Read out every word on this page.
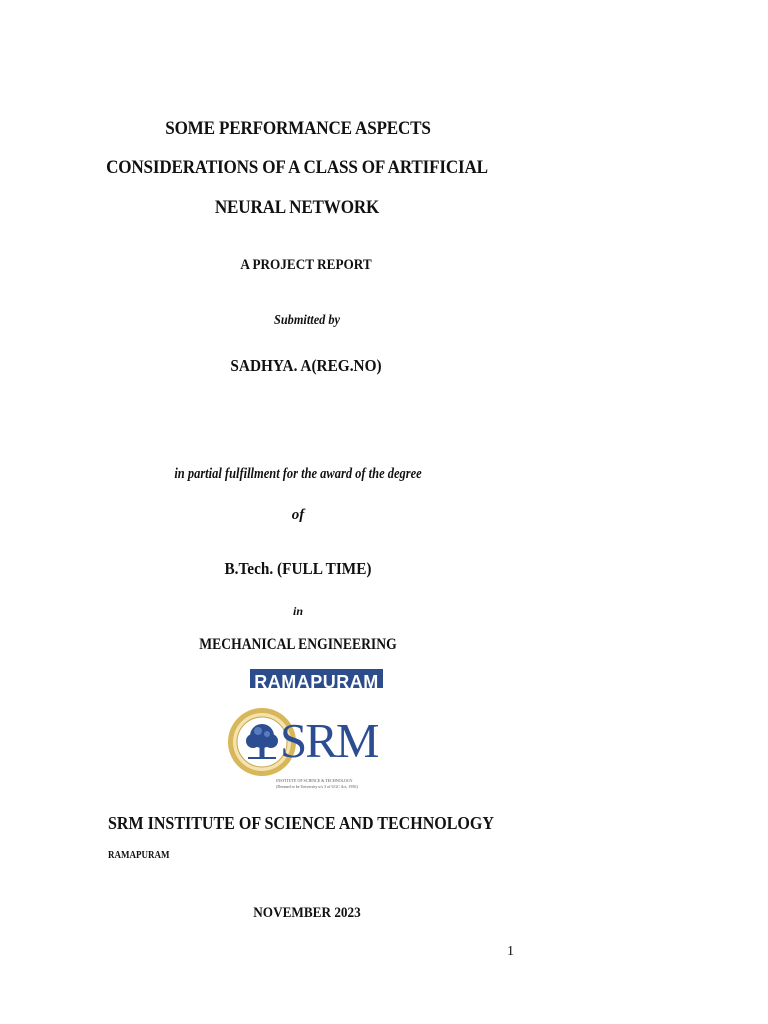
SOME PERFORMANCE ASPECTS
CONSIDERATIONS OF A CLASS OF ARTIFICIAL
NEURAL NETWORK
A PROJECT REPORT
Submitted by
SADHYA. A(REG.NO)
in partial fulfillment for the award of the degree
of
B.Tech. (FULL TIME)
in
MECHANICAL ENGINEERING
RAMAPURAM
SRM
INSTITUTE OF SCIENCE & TECHNOLOGY
(Deemed to be University u/s 3 of UGC Act, 1956)
SRM INSTITUTE OF SCIENCE AND TECHNOLOGY
RAMAPURAM
NOVEMBER 2023
1
